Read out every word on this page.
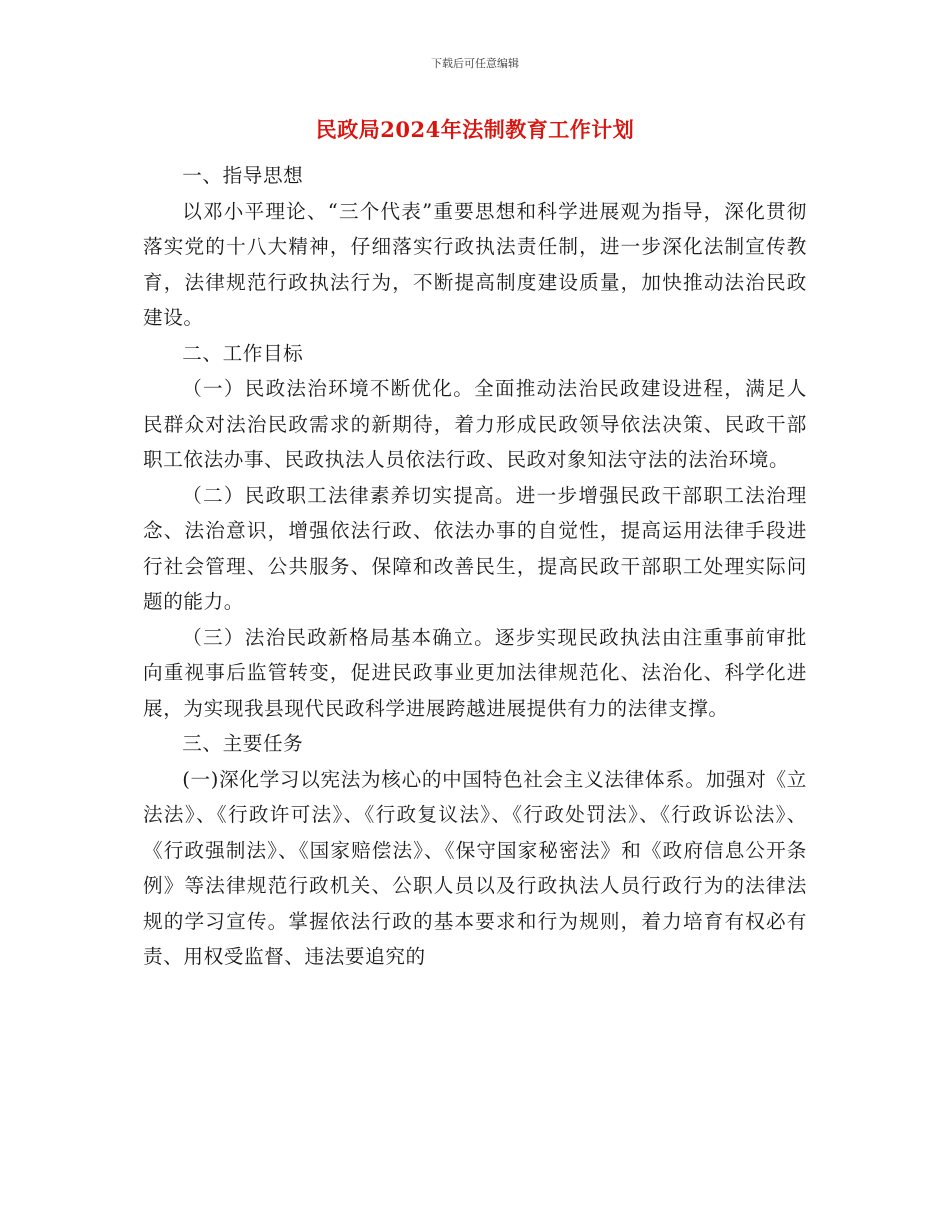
下载后可任意编辑
民政局2024年法制教育工作计划

一、指导思想

以邓小平理论、“三个代表”重要思想和科学进展观为指导，深化贯彻落实党的十八大精神，仔细落实行政执法责任制，进一步深化法制宣传教育，法律规范行政执法行为，不断提高制度建设质量，加快推动法治民政建设。

二、工作目标

（一）民政法治环境不断优化。全面推动法治民政建设进程，满足人民群众对法治民政需求的新期待，着力形成民政领导依法决策、民政干部职工依法办事、民政执法人员依法行政、民政对象知法守法的法治环境。

（二）民政职工法律素养切实提高。进一步增强民政干部职工法治理念、法治意识，增强依法行政、依法办事的自觉性，提高运用法律手段进行社会管理、公共服务、保障和改善民生，提高民政干部职工处理实际问题的能力。

（三）法治民政新格局基本确立。逐步实现民政执法由注重事前审批向重视事后监管转变，促进民政事业更加法律规范化、法治化、科学化进展，为实现我县现代民政科学进展跨越进展提供有力的法律支撑。

三、主要任务

(一)深化学习以宪法为核心的中国特色社会主义法律体系。加强对《立法法》、《行政许可法》、《行政复议法》、《行政处罚法》、《行政诉讼法》、《行政强制法》、《国家赔偿法》、《保守国家秘密法》和《政府信息公开条例》等法律规范行政机关、公职人员以及行政执法人员行政行为的法律法规的学习宣传。掌握依法行政的基本要求和行为规则，着力培育有权必有责、用权受监督、违法要追究的
